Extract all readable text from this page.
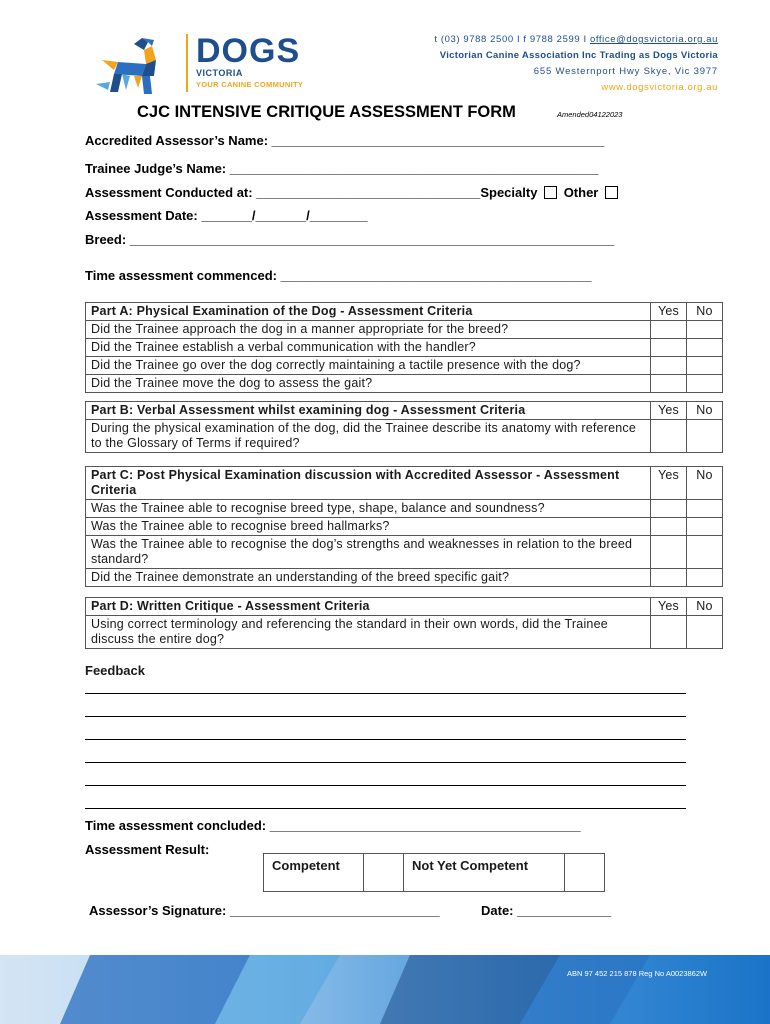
DOGS
VICTORIA
YOUR CANINE COMMUNITY
t (03) 9788 2500 I f 9788 2599 I office@dogsvictoria.org.au
Victorian Canine Association Inc Trading as Dogs Victoria
655 Westernport Hwy Skye, Vic 3977
www.dogsvictoria.org.au
CJC INTENSIVE CRITIQUE ASSESSMENT FORM	Amended04122023
Accredited Assessor’s Name: ______________________________________________
Trainee Judge’s Name: ___________________________________________________
Assessment Conducted at: _______________________________Specialty Other
Assessment Date: _______/_______/________
Breed: ___________________________________________________________________
Time assessment commenced: ___________________________________________
Part A: Physical Examination of the Dog - Assessment Criteria	Yes	No
Did the Trainee approach the dog in a manner appropriate for the breed?		
Did the Trainee establish a verbal communication with the handler?		
Did the Trainee go over the dog correctly maintaining a tactile presence with the dog?		
Did the Trainee move the dog to assess the gait?		
Part B: Verbal Assessment whilst examining dog - Assessment Criteria	Yes	No
During the physical examination of the dog, did the Trainee describe its anatomy with reference to the Glossary of Terms if required?		
Part C: Post Physical Examination discussion with Accredited Assessor - Assessment Criteria	Yes	No
Was the Trainee able to recognise breed type, shape, balance and soundness?		
Was the Trainee able to recognise breed hallmarks?		
Was the Trainee able to recognise the dog’s strengths and weaknesses in relation to the breed standard?		
Did the Trainee demonstrate an understanding of the breed specific gait?		
Part D: Written Critique - Assessment Criteria	Yes	No
Using correct terminology and referencing the standard in their own words, did the Trainee discuss the entire dog?		
Feedback
Time assessment concluded: ___________________________________________
Assessment Result:
Competent		Not Yet Competent	
Assessor’s Signature: _____________________________	Date: _____________
ABN 97 452 215 878 Reg No A0023862W
